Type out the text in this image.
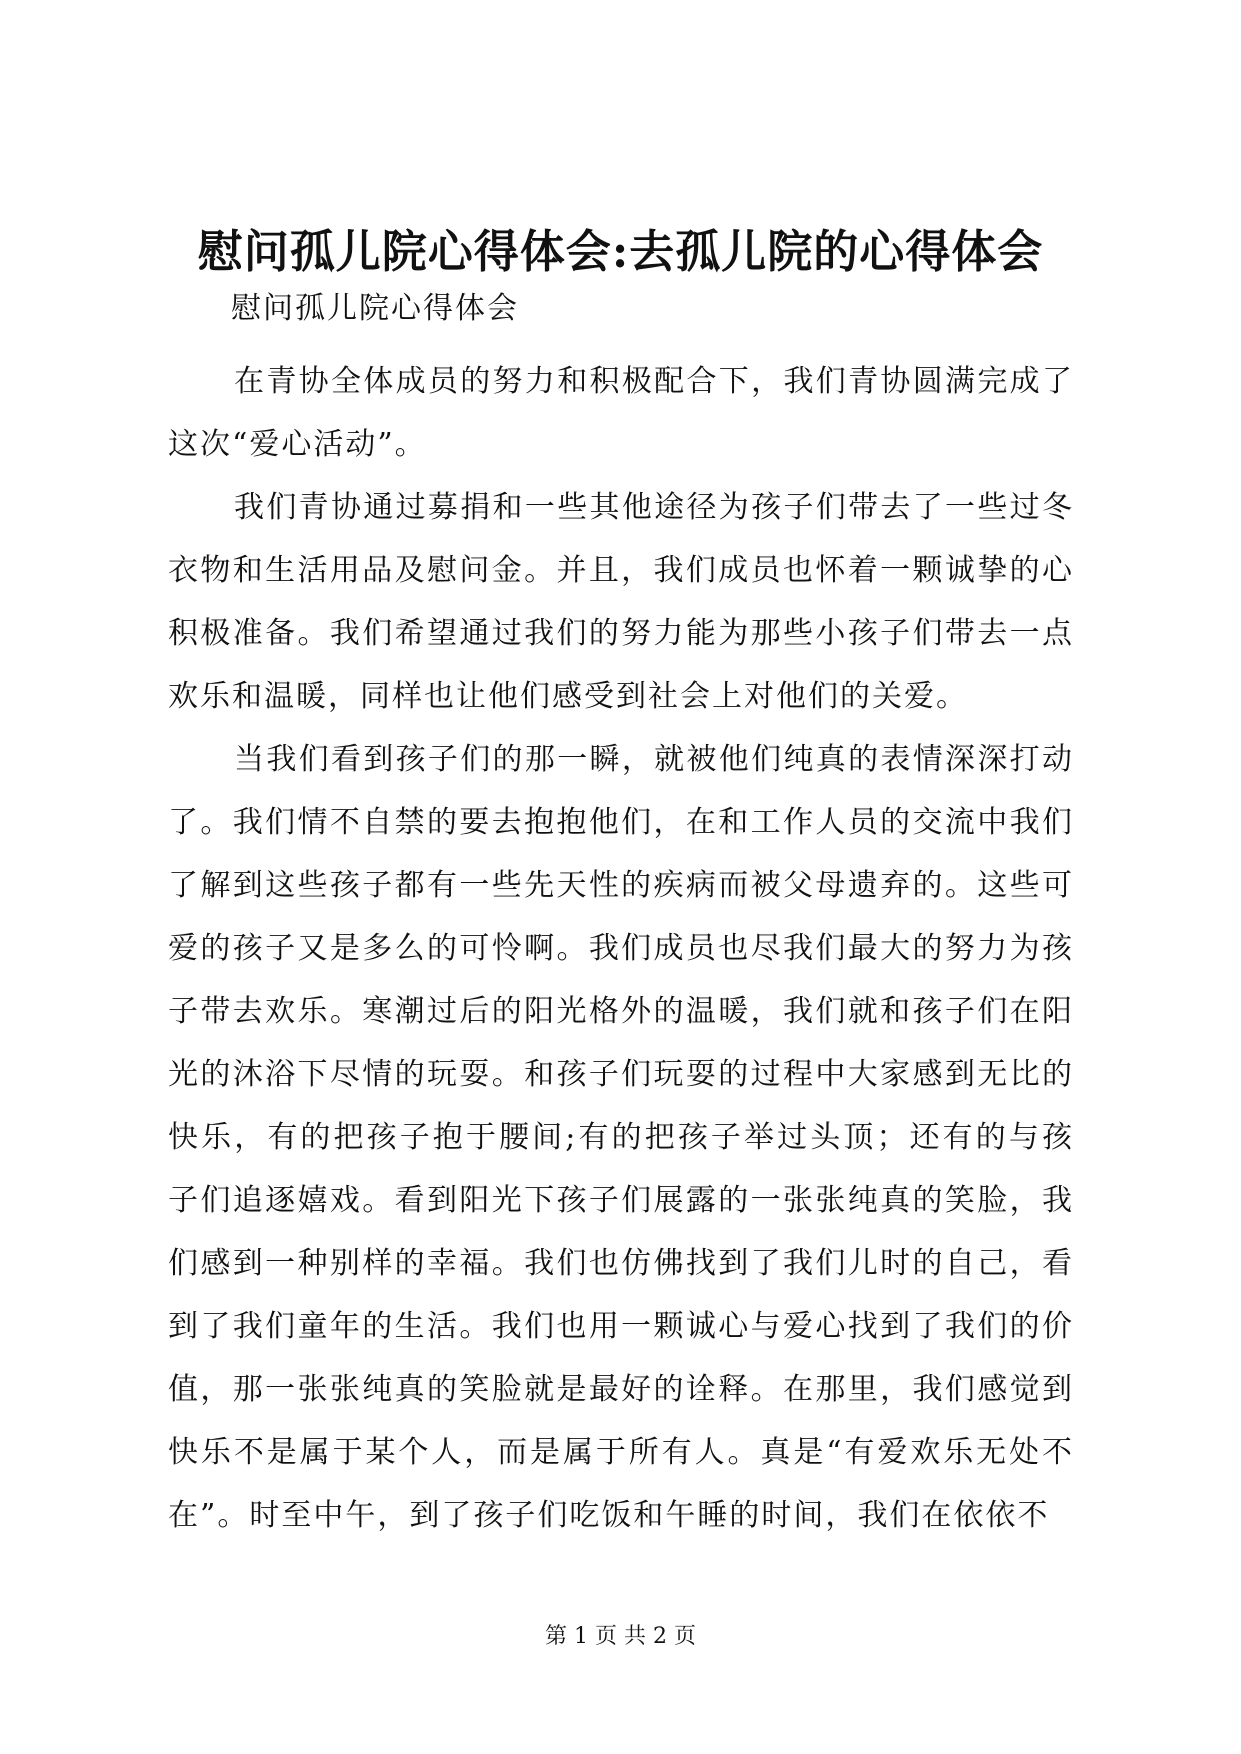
慰问孤儿院心得体会:去孤儿院的心得体会

慰问孤儿院心得体会

在青协全体成员的努力和积极配合下，我们青协圆满完成了这次“爱心活动”。

我们青协通过募捐和一些其他途径为孩子们带去了一些过冬衣物和生活用品及慰问金。并且，我们成员也怀着一颗诚挚的心积极准备。我们希望通过我们的努力能为那些小孩子们带去一点欢乐和温暖，同样也让他们感受到社会上对他们的关爱。

当我们看到孩子们的那一瞬，就被他们纯真的表情深深打动了。我们情不自禁的要去抱抱他们，在和工作人员的交流中我们了解到这些孩子都有一些先天性的疾病而被父母遗弃的。这些可爱的孩子又是多么的可怜啊。我们成员也尽我们最大的努力为孩子带去欢乐。寒潮过后的阳光格外的温暖，我们就和孩子们在阳光的沐浴下尽情的玩耍。和孩子们玩耍的过程中大家感到无比的快乐，有的把孩子抱于腰间;有的把孩子举过头顶；还有的与孩子们追逐嬉戏。看到阳光下孩子们展露的一张张纯真的笑脸，我们感到一种别样的幸福。我们也仿佛找到了我们儿时的自己，看到了我们童年的生活。我们也用一颗诚心与爱心找到了我们的价值，那一张张纯真的笑脸就是最好的诠释。在那里，我们感觉到快乐不是属于某个人，而是属于所有人。真是“有爱欢乐无处不在”。时至中午，到了孩子们吃饭和午睡的时间，我们在依依不

第 1 页 共 2 页
